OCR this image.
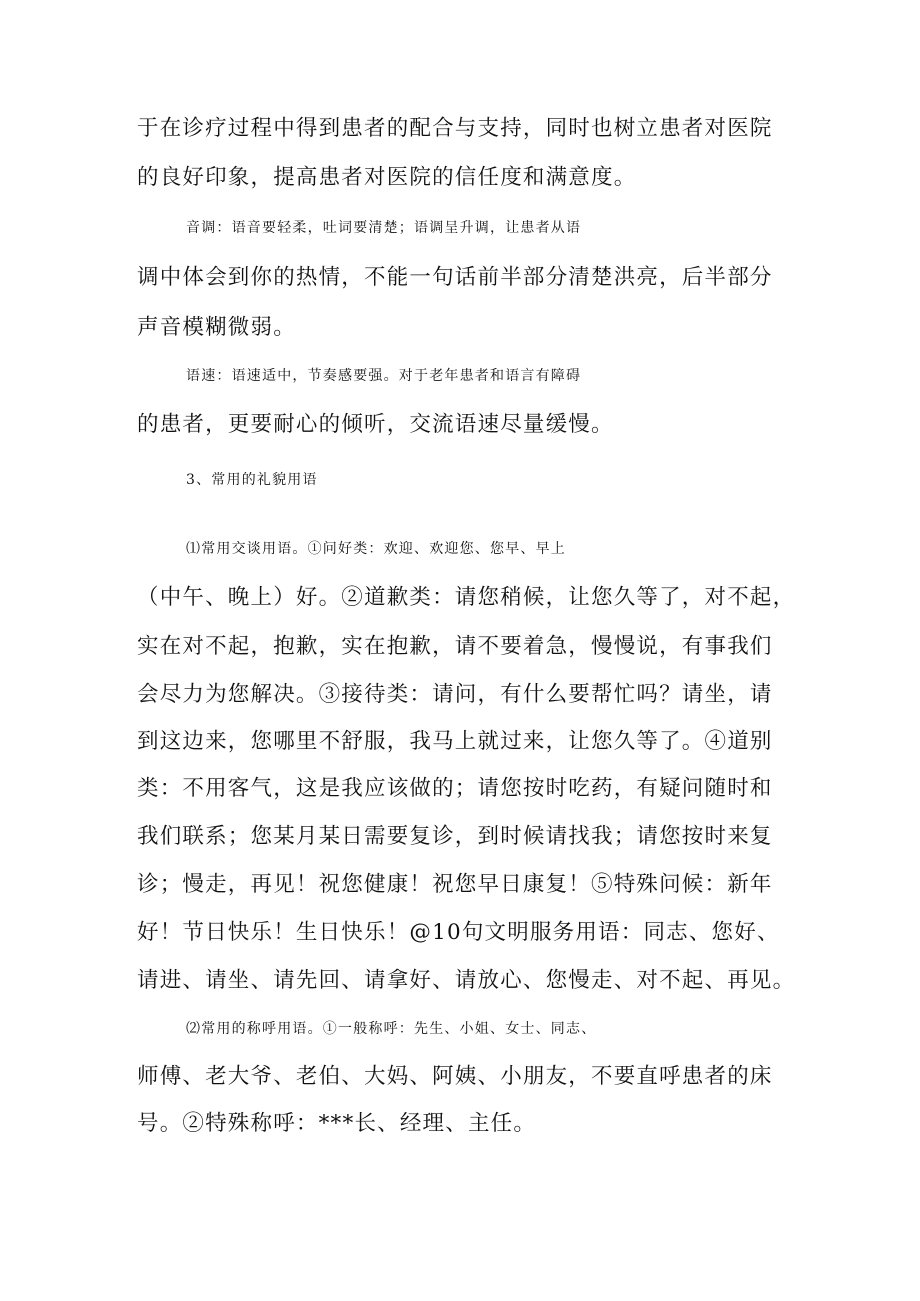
于在诊疗过程中得到患者的配合与支持，同时也树立患者对医院
的良好印象，提高患者对医院的信任度和满意度。
音调：语音要轻柔，吐词要清楚；语调呈升调，让患者从语
调中体会到你的热情，不能一句话前半部分清楚洪亮，后半部分
声音模糊微弱。
语速：语速适中，节奏感要强。对于老年患者和语言有障碍
的患者，更要耐心的倾听，交流语速尽量缓慢。
3、常用的礼貌用语
⑴常用交谈用语。①问好类：欢迎、欢迎您、您早、早上
（中午、晚上）好。②道歉类：请您稍候，让您久等了，对不起，
实在对不起，抱歉，实在抱歉，请不要着急，慢慢说，有事我们
会尽力为您解决。③接待类：请问，有什么要帮忙吗？请坐，请
到这边来，您哪里不舒服，我马上就过来，让您久等了。④道别
类：不用客气，这是我应该做的；请您按时吃药，有疑问随时和
我们联系；您某月某日需要复诊，到时候请找我；请您按时来复
诊；慢走，再见！祝您健康！祝您早日康复！⑤特殊问候：新年
好！节日快乐！生日快乐！@10句文明服务用语：同志、您好、
请进、请坐、请先回、请拿好、请放心、您慢走、对不起、再见。
⑵常用的称呼用语。①一般称呼：先生、小姐、女士、同志、
师傅、老大爷、老伯、大妈、阿姨、小朋友，不要直呼患者的床
号。②特殊称呼：***长、经理、主任。
